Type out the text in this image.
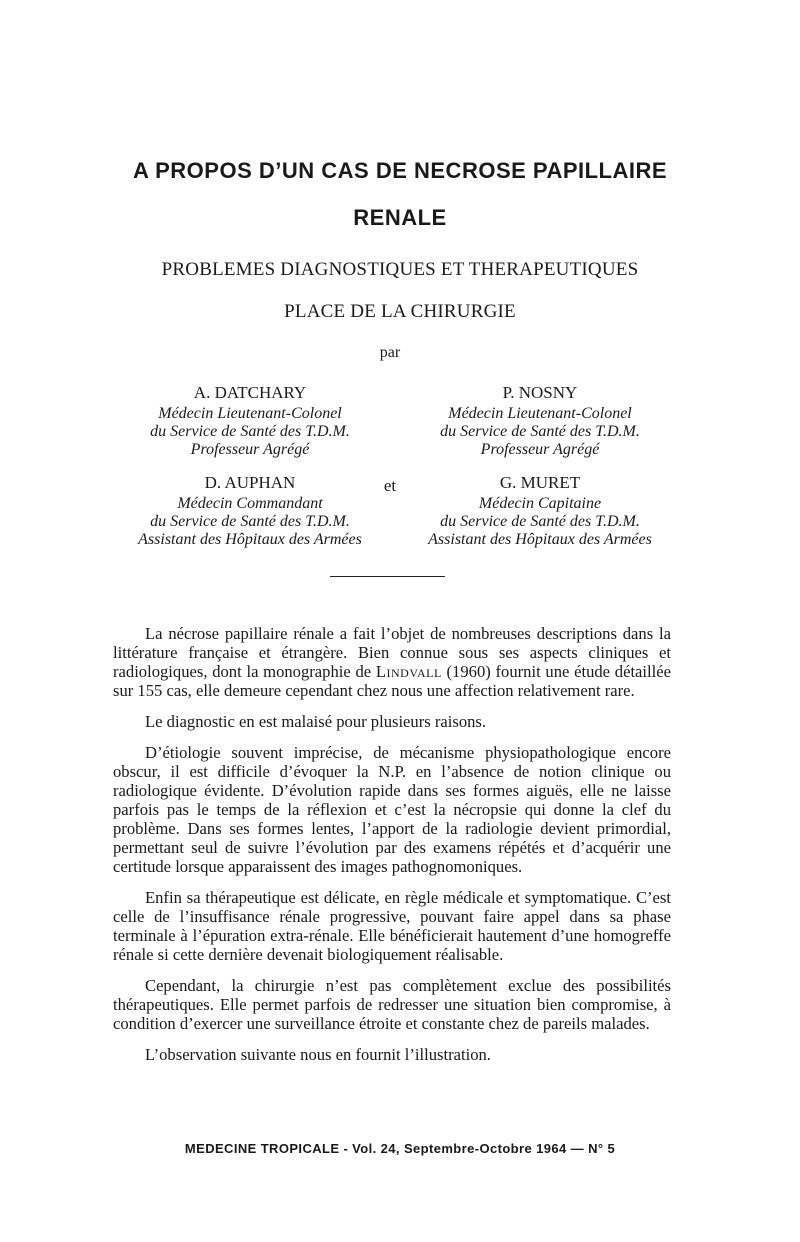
A PROPOS D’UN CAS DE NECROSE PAPILLAIRE
RENALE
PROBLEMES DIAGNOSTIQUES ET THERAPEUTIQUES
PLACE DE LA CHIRURGIE
par
A. DATCHARY
Médecin Lieutenant-Colonel
du Service de Santé des T.D.M.
Professeur Agrégé
P. NOSNY
Médecin Lieutenant-Colonel
du Service de Santé des T.D.M.
Professeur Agrégé
et
D. AUPHAN
Médecin Commandant
du Service de Santé des T.D.M.
Assistant des Hôpitaux des Armées
G. MURET
Médecin Capitaine
du Service de Santé des T.D.M.
Assistant des Hôpitaux des Armées

La nécrose papillaire rénale a fait l’objet de nombreuses descriptions dans la littérature française et étrangère. Bien connue sous ses aspects cliniques et radiologiques, dont la monographie de Lindvall (1960) fournit une étude détaillée sur 155 cas, elle demeure cependant chez nous une affection relativement rare.

Le diagnostic en est malaisé pour plusieurs raisons.

D’étiologie souvent imprécise, de mécanisme physiopathologique encore obscur, il est difficile d’évoquer la N.P. en l’absence de notion clinique ou radiologique évidente. D’évolution rapide dans ses formes aiguës, elle ne laisse parfois pas le temps de la réflexion et c’est la nécropsie qui donne la clef du problème. Dans ses formes lentes, l’apport de la radiologie devient primordial, permettant seul de suivre l’évolution par des examens répétés et d’acquérir une certitude lorsque apparaissent des images pathognomoniques.

Enfin sa thérapeutique est délicate, en règle médicale et symptomatique. C’est celle de l’insuffisance rénale progressive, pouvant faire appel dans sa phase terminale à l’épuration extra-rénale. Elle bénéficierait hautement d’une homogreffe rénale si cette dernière devenait biologiquement réalisable.

Cependant, la chirurgie n’est pas complètement exclue des possibilités thérapeutiques. Elle permet parfois de redresser une situation bien compromise, à condition d’exercer une surveillance étroite et constante chez de pareils malades.

L’observation suivante nous en fournit l’illustration.

MEDECINE TROPICALE - Vol. 24, Septembre-Octobre 1964 — N° 5
